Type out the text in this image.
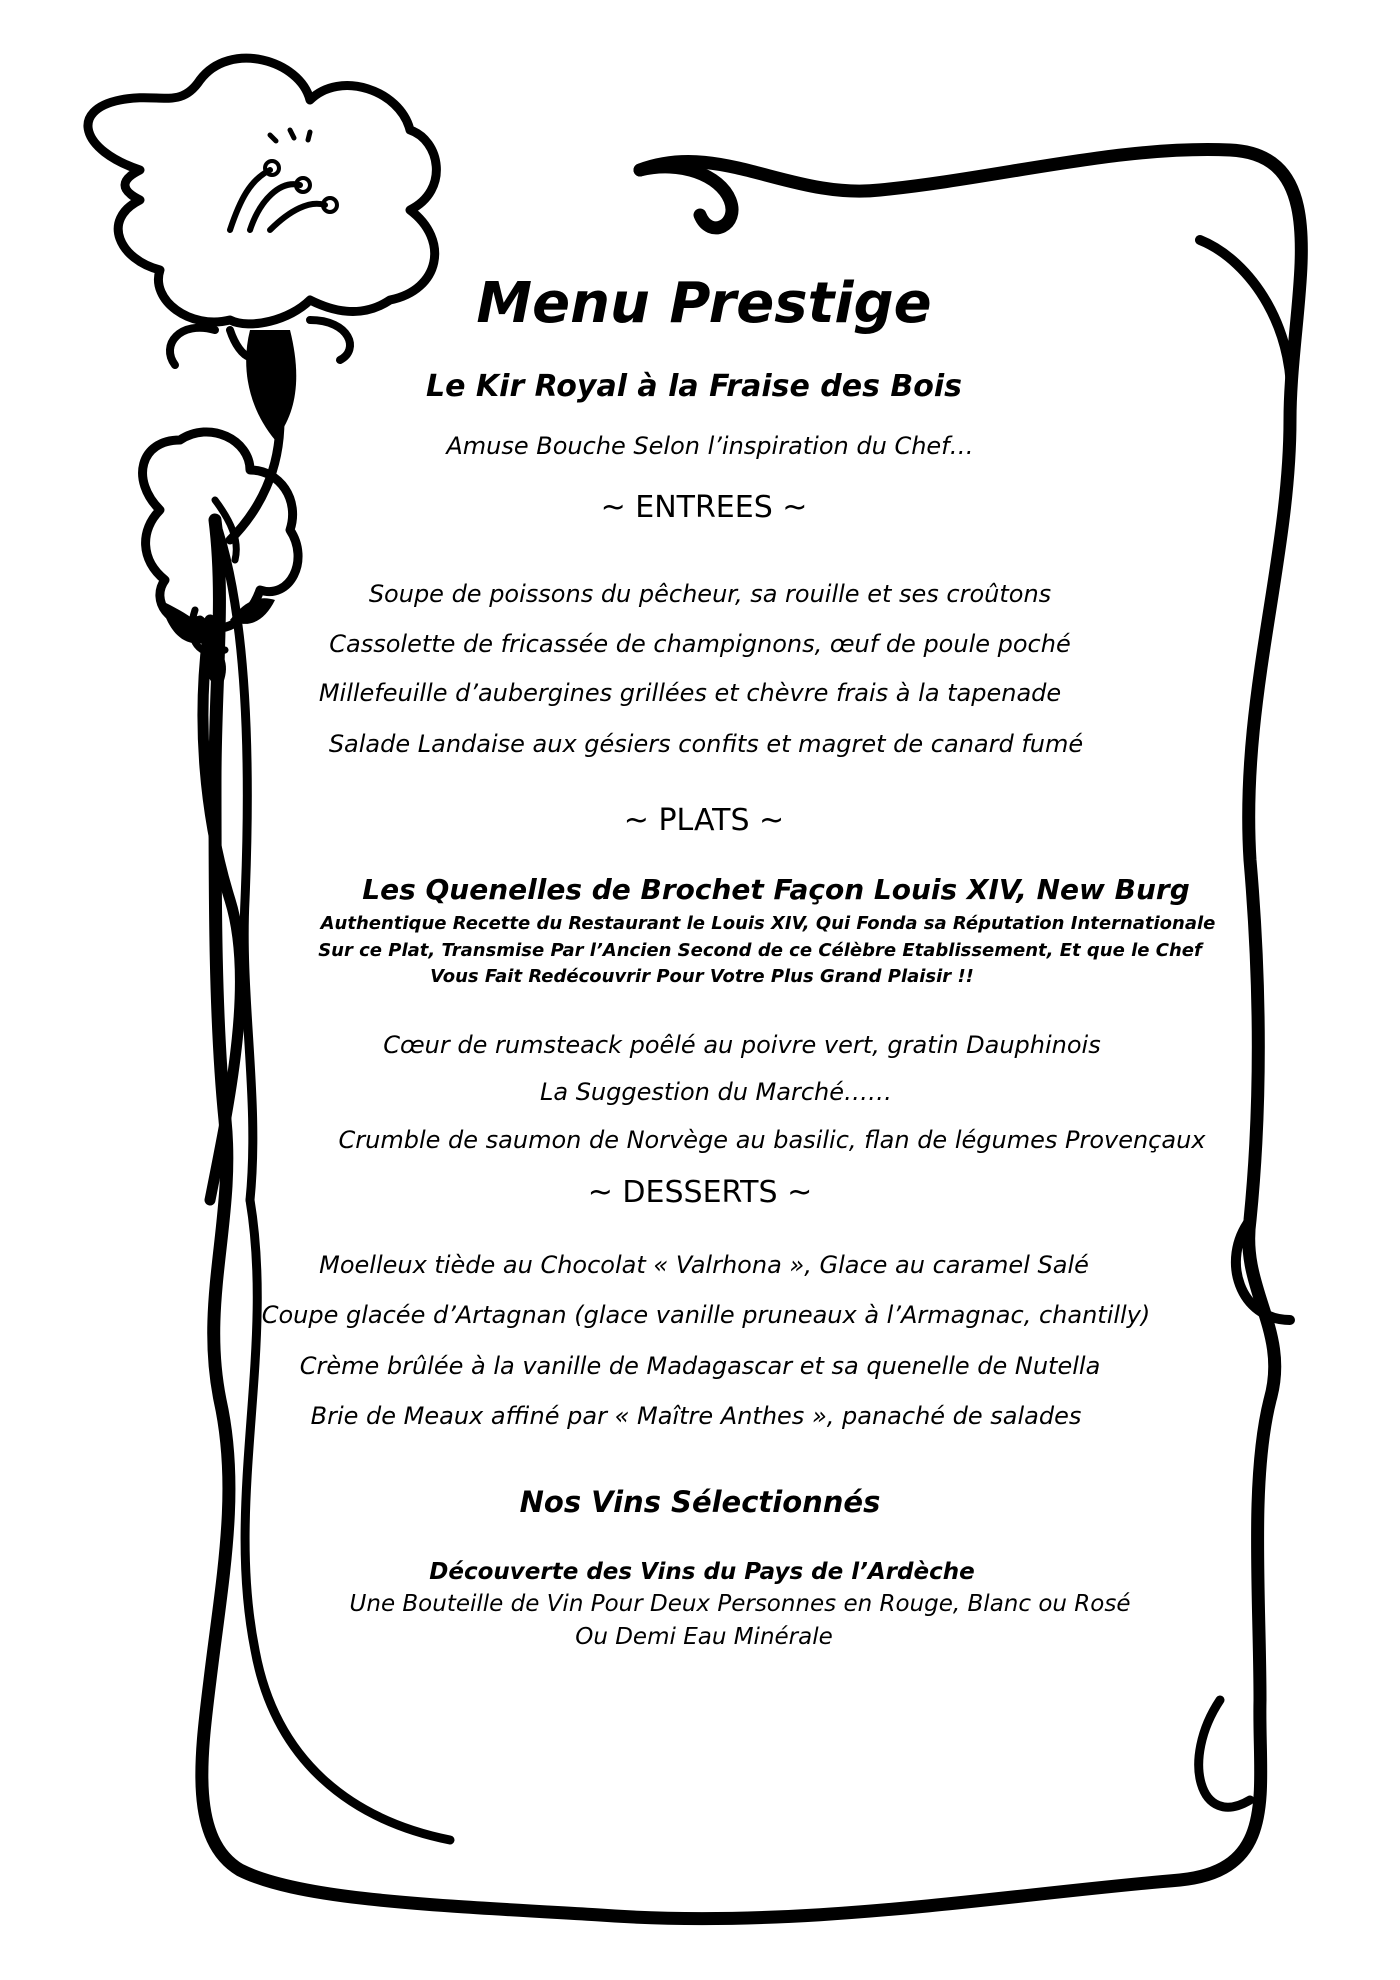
Menu Prestige
Le Kir Royal à la Fraise des Bois
Amuse Bouche Selon l’inspiration du Chef…
~ ENTREES ~
Soupe de poissons du pêcheur, sa rouille et ses croûtons
Cassolette de fricassée de champignons, œuf de poule poché
Millefeuille d’aubergines grillées et chèvre frais à la tapenade
Salade Landaise aux gésiers confits et magret de canard fumé
~ PLATS ~
Les Quenelles de Brochet Façon Louis XIV, New Burg
Authentique Recette du Restaurant le Louis XIV, Qui Fonda sa Réputation Internationale
Sur ce Plat, Transmise Par l’Ancien Second de ce Célèbre Etablissement, Et que le Chef
Vous Fait Redécouvrir Pour Votre Plus Grand Plaisir !!
Cœur de rumsteack poêlé au poivre vert, gratin Dauphinois
La Suggestion du Marché……
Crumble de saumon de Norvège au basilic, flan de légumes Provençaux
~ DESSERTS ~
Moelleux tiède au Chocolat « Valrhona », Glace au caramel Salé
Coupe glacée d’Artagnan (glace vanille pruneaux à l’Armagnac, chantilly)
Crème brûlée à la vanille de Madagascar et sa quenelle de Nutella
Brie de Meaux affiné par « Maître Anthes », panaché de salades
Nos Vins Sélectionnés
Découverte des Vins du Pays de l’Ardèche
Une Bouteille de Vin Pour Deux Personnes en Rouge, Blanc ou Rosé
Ou Demi Eau Minérale
